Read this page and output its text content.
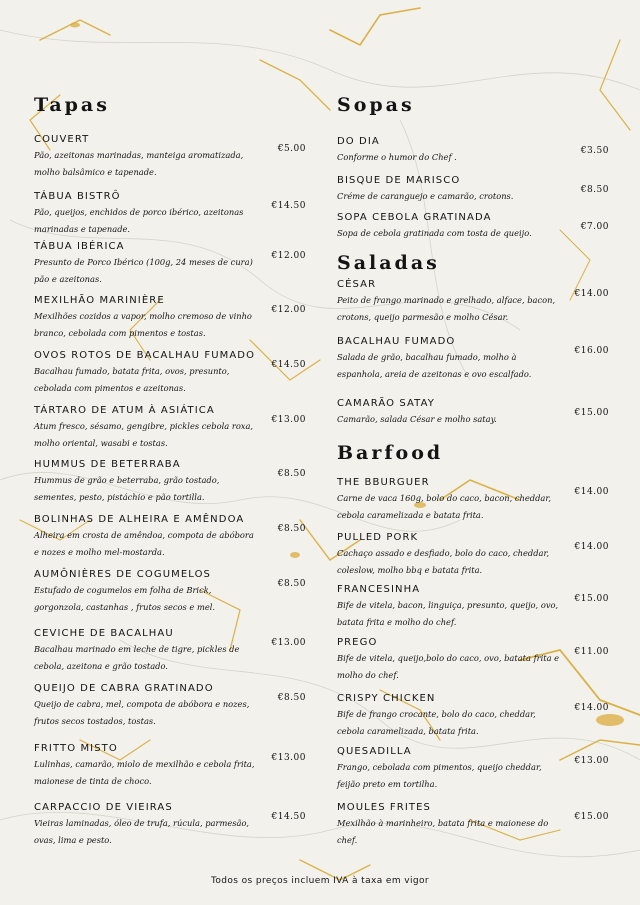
Tapas
COUVERT
Pão, azeitonas marinadas, manteiga aromatizada, molho balsâmico e tapenade.
€5.00
TÁBUA BISTRÔ
Pão, queijos, enchidos de porco ibérico, azeitonas marinadas e tapenade.
€14.50
TÁBUA IBÉRICA
Presunto de Porco Ibérico (100g, 24 meses de cura) pão e azeitonas.
€12.00
MEXILHÃO MARINIÈRE
Mexilhões cozidos a vapor, molho cremoso de vinho branco, cebolada com pimentos e tostas.
€12.00
OVOS ROTOS DE BACALHAU FUMADO
Bacalhau fumado, batata frita, ovos, presunto, cebolada com pimentos e azeitonas.
€14.50
TÁRTARO DE ATUM À ASIÁTICA
Atum fresco, sésamo, gengibre, pickles cebola roxa, molho oriental, wasabi e tostas.
€13.00
HUMMUS DE BETERRABA
Hummus de grão e beterraba, grão tostado, sementes, pesto, pistáchio e pão tortilla.
€8.50
BOLINHAS DE ALHEIRA E AMÊNDOA
Alheira em crosta de amêndoa, compota de abóbora e nozes e molho mel-mostarda.
€8.50
AUMÔNIÈRES DE COGUMELOS
Estufado de cogumelos em folha de Brick, gorgonzola, castanhas , frutos secos e mel.
€8.50
CEVICHE DE BACALHAU
Bacalhau marinado em leche de tigre, pickles de cebola, azeitona e grão tostado.
€13.00
QUEIJO DE CABRA GRATINADO
Queijo de cabra, mel, compota de abóbora e nozes, frutos secos tostados, tostas.
€8.50
FRITTO MISTO
Lulinhas, camarão, miolo de mexilhão e cebola frita, maionese de tinta de choco.
€13.00
CARPACCIO DE VIEIRAS
Vieiras laminadas, óleo de trufa, rúcula, parmesão, ovas, lima e pesto.
€14.50
Sopas
DO DIA
Conforme o humor do Chef .
€3.50
BISQUE DE MARISCO
Créme de caranguejo e camarão, crotons.
€8.50
SOPA CEBOLA GRATINADA
Sopa de cebola gratinada com tosta de queijo.
€7.00
Saladas
CÉSAR
Peito de frango marinado e grelhado, alface, bacon, crotons, queijo parmesão e molho César.
€14.00
BACALHAU FUMADO
Salada de grão, bacalhau fumado, molho à espanhola, areia de azeitonas e ovo escalfado.
€16.00
CAMARÃO SATAY
Camarão, salada César e molho satay.
€15.00
Barfood
THE BBURGUER
Carne de vaca 160g, bolo do caco, bacon, cheddar, cebola caramelizada e batata frita.
€14.00
PULLED PORK
Cachaço assado e desfiado, bolo do caco, cheddar, coleslow, molho bbq e batata frita.
€14.00
FRANCESINHA
Bife de vitela, bacon, linguiça, presunto, queijo, ovo, batata frita e molho do chef.
€15.00
PREGO
Bife de vitela, queijo,bolo do caco, ovo, batata frita e molho do chef.
€11.00
CRISPY CHICKEN
Bife de frango crocante, bolo do caco, cheddar, cebola caramelizada, batata frita.
€14.00
QUESADILLA
Frango, cebolada com pimentos, queijo cheddar, feijão preto em tortilha.
€13.00
MOULES FRITES
Mexilhão à marinheiro, batata frita e maionese do chef.
€15.00
Todos os preços incluem IVA à taxa em vigor
